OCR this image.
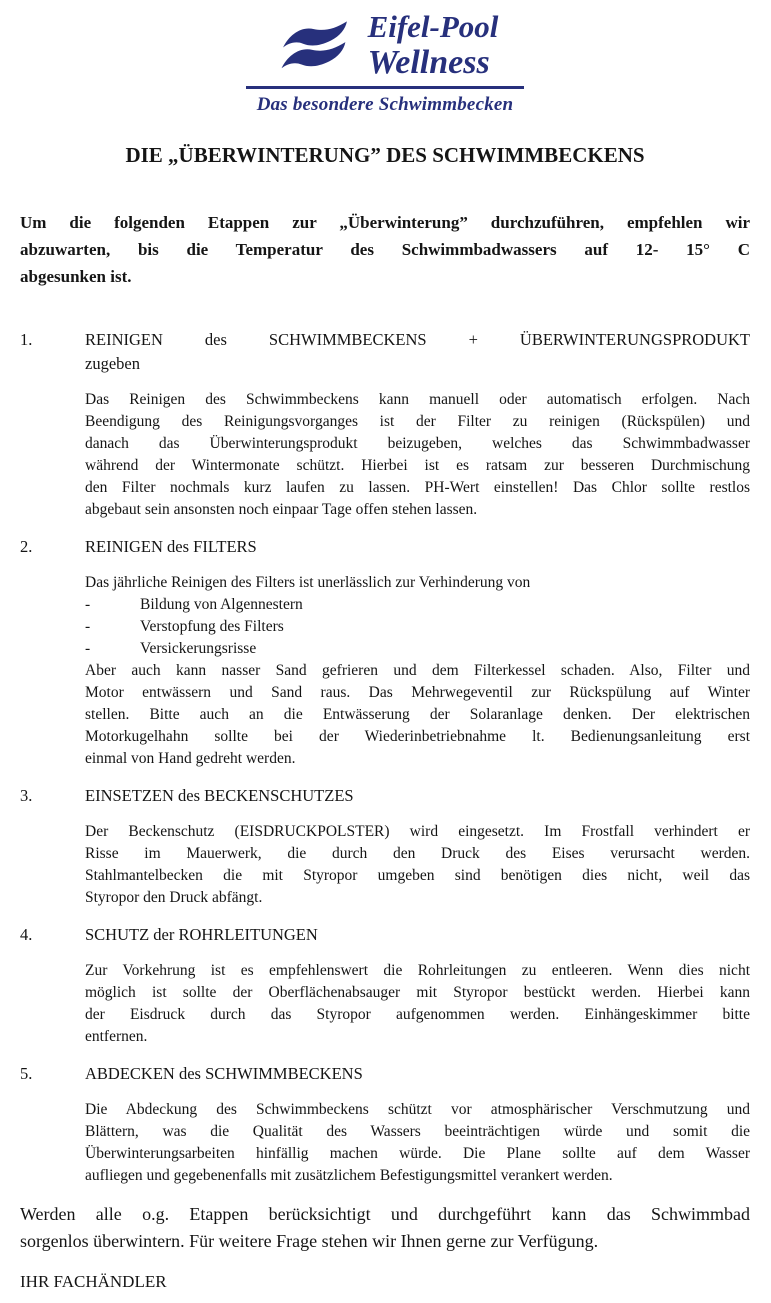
Eifel-Pool
Wellness
Das besondere Schwimmbecken
DIE „ÜBERWINTERUNG” DES SCHWIMMBECKENS
Um die folgenden Etappen zur „Überwinterung” durchzuführen, empfehlen wir
abzuwarten, bis die Temperatur des Schwimmbadwassers auf 12- 15° C
abgesunken ist.
1.	REINIGEN des SCHWIMMBECKENS + ÜBERWINTERUNGSPRODUKT
zugeben
Das Reinigen des Schwimmbeckens kann manuell oder automatisch erfolgen. Nach
Beendigung des Reinigungsvorganges ist der Filter zu reinigen (Rückspülen) und
danach das Überwinterungsprodukt beizugeben, welches das Schwimmbadwasser
während der Wintermonate schützt. Hierbei ist es ratsam zur besseren Durchmischung
den Filter nochmals kurz laufen zu lassen. PH-Wert einstellen! Das Chlor sollte restlos
abgebaut sein ansonsten noch einpaar Tage offen stehen lassen.
2.	REINIGEN des FILTERS
Das jährliche Reinigen des Filters ist unerlässlich zur Verhinderung von
-	Bildung von Algennestern
-	Verstopfung des Filters
-	Versickerungsrisse
Aber auch kann nasser Sand gefrieren und dem Filterkessel schaden. Also, Filter und
Motor entwässern und Sand raus. Das Mehrwegeventil zur Rückspülung auf Winter
stellen. Bitte auch an die Entwässerung der Solaranlage denken. Der elektrischen
Motorkugelhahn sollte bei der Wiederinbetriebnahme lt. Bedienungsanleitung erst
einmal von Hand gedreht werden.
3.	EINSETZEN des BECKENSCHUTZES
Der Beckenschutz (EISDRUCKPOLSTER) wird eingesetzt. Im Frostfall verhindert er
Risse im Mauerwerk, die durch den Druck des Eises verursacht werden.
Stahlmantelbecken die mit Styropor umgeben sind benötigen dies nicht, weil das
Styropor den Druck abfängt.
4.	SCHUTZ der ROHRLEITUNGEN
Zur Vorkehrung ist es empfehlenswert die Rohrleitungen zu entleeren. Wenn dies nicht
möglich ist sollte der Oberflächenabsauger mit Styropor bestückt werden. Hierbei kann
der Eisdruck durch das Styropor aufgenommen werden. Einhängeskimmer bitte
entfernen.
5.	ABDECKEN des SCHWIMMBECKENS
Die Abdeckung des Schwimmbeckens schützt vor atmosphärischer Verschmutzung und
Blättern, was die Qualität des Wassers beeinträchtigen würde und somit die
Überwinterungsarbeiten hinfällig machen würde. Die Plane sollte auf dem Wasser
aufliegen und gegebenenfalls mit zusätzlichem Befestigungsmittel verankert werden.
Werden alle o.g. Etappen berücksichtigt und durchgeführt kann das Schwimmbad
sorgenlos überwintern. Für weitere Frage stehen wir Ihnen gerne zur Verfügung.
IHR FACHÄNDLER
